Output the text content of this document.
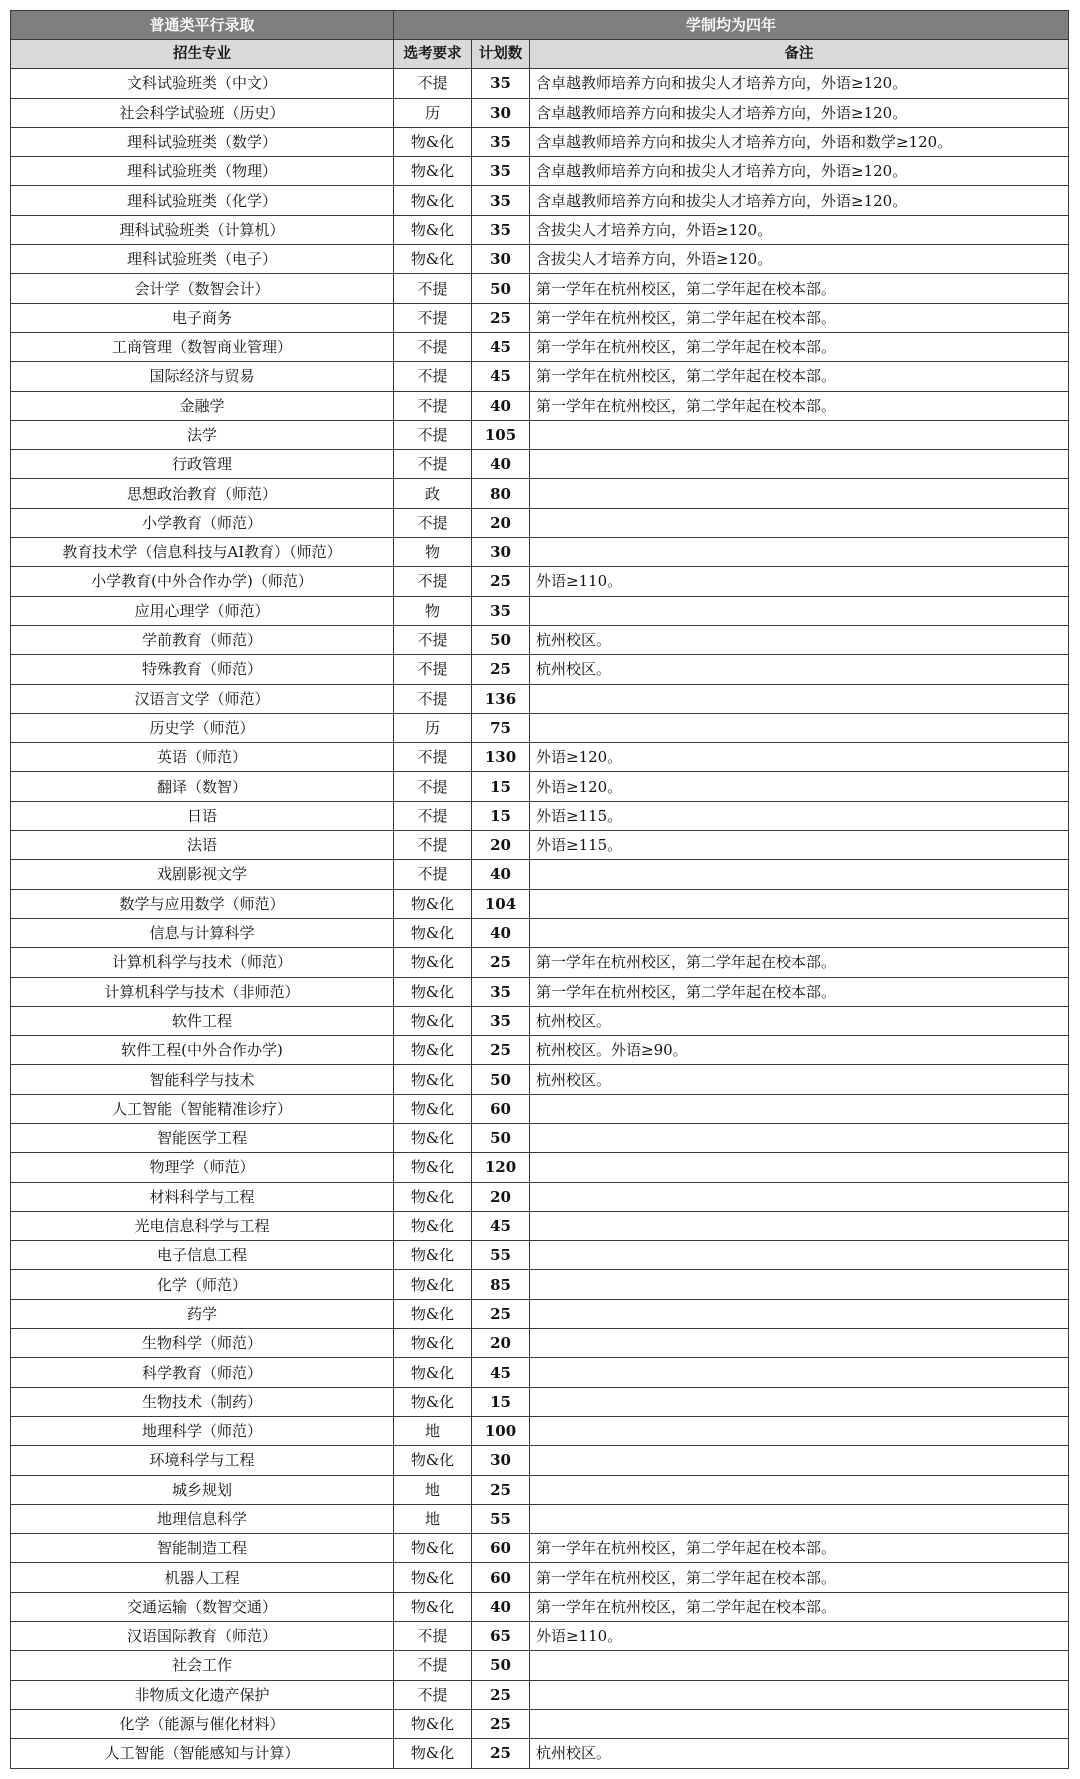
普通类平行录取	学制均为四年		
招生专业	选考要求	计划数	备注
文科试验班类（中文）	不提	35	含卓越教师培养方向和拔尖人才培养方向，外语≥120。
社会科学试验班（历史）	历	30	含卓越教师培养方向和拔尖人才培养方向，外语≥120。
理科试验班类（数学）	物&化	35	含卓越教师培养方向和拔尖人才培养方向，外语和数学≥120。
理科试验班类（物理）	物&化	35	含卓越教师培养方向和拔尖人才培养方向，外语≥120。
理科试验班类（化学）	物&化	35	含卓越教师培养方向和拔尖人才培养方向，外语≥120。
理科试验班类（计算机）	物&化	35	含拔尖人才培养方向，外语≥120。
理科试验班类（电子）	物&化	30	含拔尖人才培养方向，外语≥120。
会计学（数智会计）	不提	50	第一学年在杭州校区，第二学年起在校本部。
电子商务	不提	25	第一学年在杭州校区，第二学年起在校本部。
工商管理（数智商业管理）	不提	45	第一学年在杭州校区，第二学年起在校本部。
国际经济与贸易	不提	45	第一学年在杭州校区，第二学年起在校本部。
金融学	不提	40	第一学年在杭州校区，第二学年起在校本部。
法学	不提	105	
行政管理	不提	40	
思想政治教育（师范）	政	80	
小学教育（师范）	不提	20	
教育技术学（信息科技与AI教育）（师范）	物	30	
小学教育(中外合作办学)（师范）	不提	25	外语≥110。
应用心理学（师范）	物	35	
学前教育（师范）	不提	50	杭州校区。
特殊教育（师范）	不提	25	杭州校区。
汉语言文学（师范）	不提	136	
历史学（师范）	历	75	
英语（师范）	不提	130	外语≥120。
翻译（数智）	不提	15	外语≥120。
日语	不提	15	外语≥115。
法语	不提	20	外语≥115。
戏剧影视文学	不提	40	
数学与应用数学（师范）	物&化	104	
信息与计算科学	物&化	40	
计算机科学与技术（师范）	物&化	25	第一学年在杭州校区，第二学年起在校本部。
计算机科学与技术（非师范）	物&化	35	第一学年在杭州校区，第二学年起在校本部。
软件工程	物&化	35	杭州校区。
软件工程(中外合作办学)	物&化	25	杭州校区。外语≥90。
智能科学与技术	物&化	50	杭州校区。
人工智能（智能精准诊疗）	物&化	60	
智能医学工程	物&化	50	
物理学（师范）	物&化	120	
材料科学与工程	物&化	20	
光电信息科学与工程	物&化	45	
电子信息工程	物&化	55	
化学（师范）	物&化	85	
药学	物&化	25	
生物科学（师范）	物&化	20	
科学教育（师范）	物&化	45	
生物技术（制药）	物&化	15	
地理科学（师范）	地	100	
环境科学与工程	物&化	30	
城乡规划	地	25	
地理信息科学	地	55	
智能制造工程	物&化	60	第一学年在杭州校区，第二学年起在校本部。
机器人工程	物&化	60	第一学年在杭州校区，第二学年起在校本部。
交通运输（数智交通）	物&化	40	第一学年在杭州校区，第二学年起在校本部。
汉语国际教育（师范）	不提	65	外语≥110。
社会工作	不提	50	
非物质文化遗产保护	不提	25	
化学（能源与催化材料）	物&化	25	
人工智能（智能感知与计算）	物&化	25	杭州校区。
